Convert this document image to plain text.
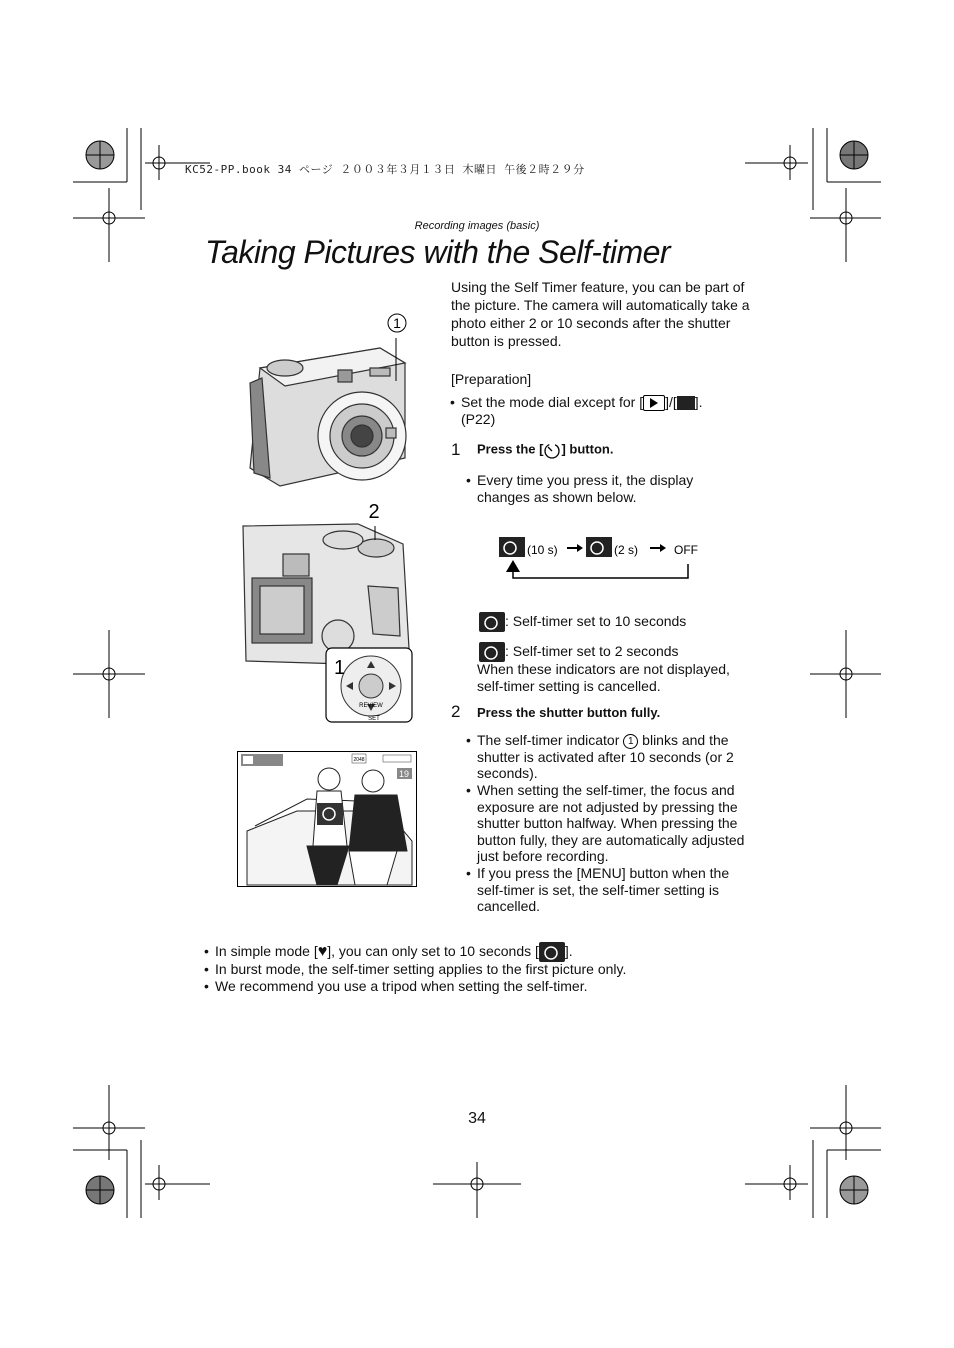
KC52-PP.book 34 ページ ２００３年３月１３日 木曜日 午後２時２９分
Recording images (basic)
Taking Pictures with the Self-timer
1
2
1
REVIEW
SET
2048
19
Using the Self Timer feature, you can be part of the picture. The camera will automatically take a photo either 2 or 10 seconds after the shutter button is pressed.
[Preparation]
• Set the mode dial except for [ ]/[ ].
(P22)
1 Press the [ ] button.
• Every time you press it, the display changes as shown below.
(10 s)	(2 s)	OFF
: Self-timer set to 10 seconds
: Self-timer set to 2 seconds
When these indicators are not displayed, self-timer setting is cancelled.
2 Press the shutter button fully.
• The self-timer indicator 1 blinks and the shutter is activated after 10 seconds (or 2 seconds).
• When setting the self-timer, the focus and exposure are not adjusted by pressing the shutter button halfway. When pressing the button fully, they are automatically adjusted just before recording.
• If you press the [MENU] button when the self-timer is set, the self-timer setting is cancelled.
• In simple mode [♥], you can only set to 10 seconds [ ].
• In burst mode, the self-timer setting applies to the first picture only.
• We recommend you use a tripod when setting the self-timer.
34
